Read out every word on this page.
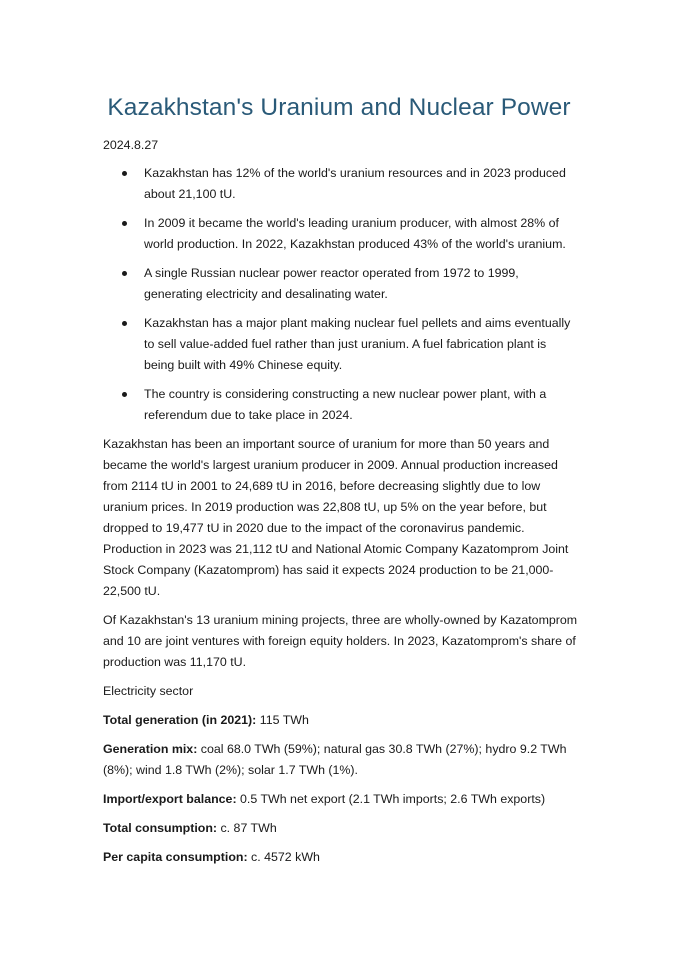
Kazakhstan's Uranium and Nuclear Power

2024.8.27

Kazakhstan has 12% of the world's uranium resources and in 2023 produced about 21,100 tU.
In 2009 it became the world's leading uranium producer, with almost 28% of world production. In 2022, Kazakhstan produced 43% of the world's uranium.
A single Russian nuclear power reactor operated from 1972 to 1999, generating electricity and desalinating water.
Kazakhstan has a major plant making nuclear fuel pellets and aims eventually to sell value-added fuel rather than just uranium. A fuel fabrication plant is being built with 49% Chinese equity.
The country is considering constructing a new nuclear power plant, with a referendum due to take place in 2024.

Kazakhstan has been an important source of uranium for more than 50 years and became the world's largest uranium producer in 2009. Annual production increased from 2114 tU in 2001 to 24,689 tU in 2016, before decreasing slightly due to low uranium prices. In 2019 production was 22,808 tU, up 5% on the year before, but dropped to 19,477 tU in 2020 due to the impact of the coronavirus pandemic. Production in 2023 was 21,112 tU and National Atomic Company Kazatomprom Joint Stock Company (Kazatomprom) has said it expects 2024 production to be 21,000-22,500 tU.

Of Kazakhstan's 13 uranium mining projects, three are wholly-owned by Kazatomprom and 10 are joint ventures with foreign equity holders. In 2023, Kazatomprom's share of production was 11,170 tU.

Electricity sector

Total generation (in 2021): 115 TWh

Generation mix: coal 68.0 TWh (59%); natural gas 30.8 TWh (27%); hydro 9.2 TWh (8%); wind 1.8 TWh (2%); solar 1.7 TWh (1%).

Import/export balance: 0.5 TWh net export (2.1 TWh imports; 2.6 TWh exports)

Total consumption: c. 87 TWh

Per capita consumption: c. 4572 kWh
